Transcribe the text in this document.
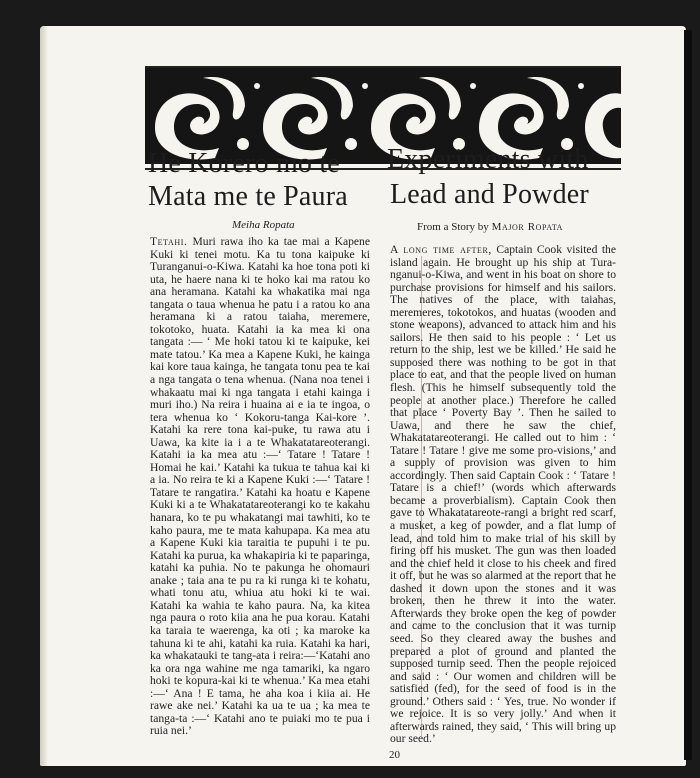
He Korero mo te
Mata me te Paura
Experiments with
Lead and Powder
Meiha Ropata	From a Story by Major Ropata
Tetahi. Muri rawa iho ka tae mai a Kapene Kuki ki tenei motu. Ka tu tona kaipuke ki Turanganui-o-Kiwa. Katahi ka hoe tona poti ki uta, he haere nana ki te hoko kai ma ratou ko ana heramana. Katahi ka whakatika mai nga tangata o taua whenua he patu i a ratou ko ana heramana ki a ratou taiaha, meremere, tokotoko, huata. Katahi ia ka mea ki ona tangata :— ‘ Me hoki tatou ki te kaipuke, kei mate tatou.’ Ka mea a Kapene Kuki, he kainga kai kore taua kainga, he tangata tonu pea te kai a nga tangata o tena whenua. (Nana noa tenei i whakaatu mai ki nga tangata i etahi kainga i muri iho.) Na reira i huaina ai e ia te ingoa, o tera whenua ko ‘ Kokoru-tanga Kai-kore ’. Katahi ka rere tona kai-puke, tu rawa atu i Uawa, ka kite ia i a te Whakatatareoterangi. Katahi ia ka mea atu :—‘ Tatare ! Tatare ! Homai he kai.’ Katahi ka tukua te tahua kai ki a ia. No reira te ki a Kapene Kuki :—‘ Tatare ! Tatare te rangatira.’ Katahi ka hoatu e Kapene Kuki ki a te Whakatatareoterangi ko te kakahu hanara, ko te pu whakatangi mai tawhiti, ko te kaho paura, me te mata kahupapa. Ka mea atu a Kapene Kuki kia taraitia te pupuhi i te pu. Katahi ka purua, ka whakapiria ki te paparinga, katahi ka puhia. No te pakunga he ohomauri anake ; taia ana te pu ra ki runga ki te kohatu, whati tonu atu, whiua atu hoki ki te wai. Katahi ka wahia te kaho paura. Na, ka kitea nga paura o roto kiia ana he pua korau. Katahi ka taraia te waerenga, ka oti ; ka maroke ka tahuna ki te ahi, katahi ka ruia. Katahi ka hari, ka whakatauki te tang-ata i reira:—‘Katahi ano ka ora nga wahine me nga tamariki, ka ngaro hoki te kopura-kai ki te whenua.’ Ka mea etahi :—‘ Ana ! E tama, he aha koa i kiia ai. He rawe ake nei.’ Katahi ka ua te ua ; ka mea te tanga-ta :—‘ Katahi ano te puiaki mo te pua i ruia nei.’
A long time after, Captain Cook visited the island again. He brought up his ship at Tura-nganui-o-Kiwa, and went in his boat on shore to purchase provisions for himself and his sailors. The natives of the place, with taiahas, meremeres, tokotokos, and huatas (wooden and stone weapons), advanced to attack him and his sailors. He then said to his people : ‘ Let us return to the ship, lest we be killed.’ He said he supposed there was nothing to be got in that place to eat, and that the people lived on human flesh. (This he himself subsequently told the people at another place.) Therefore he called that place ‘ Poverty Bay ’. Then he sailed to Uawa, and there he saw the chief, Whakatatareoterangi. He called out to him : ‘ Tatare ! Tatare ! give me some pro-visions,’ and a supply of provision was given to him accordingly. Then said Captain Cook : ‘ Tatare ! Tatare is a chief!’ (words which afterwards became a proverbialism). Captain Cook then gave to Whakatatareote-rangi a bright red scarf, a musket, a keg of powder, and a flat lump of lead, and told him to make trial of his skill by firing off his musket. The gun was then loaded and the chief held it close to his cheek and fired it off, but he was so alarmed at the report that he dashed it down upon the stones and it was broken, then he threw it into the water. Afterwards they broke open the keg of powder and came to the conclusion that it was turnip seed. So they cleared away the bushes and prepared a plot of ground and planted the supposed turnip seed. Then the people rejoiced and said : ‘ Our women and children will be satisfied (fed), for the seed of food is in the ground.’ Others said : ‘ Yes, true. No wonder if we rejoice. It is so very jolly.’ And when it afterwards rained, they said, ‘ This will bring up our seed.’
20
